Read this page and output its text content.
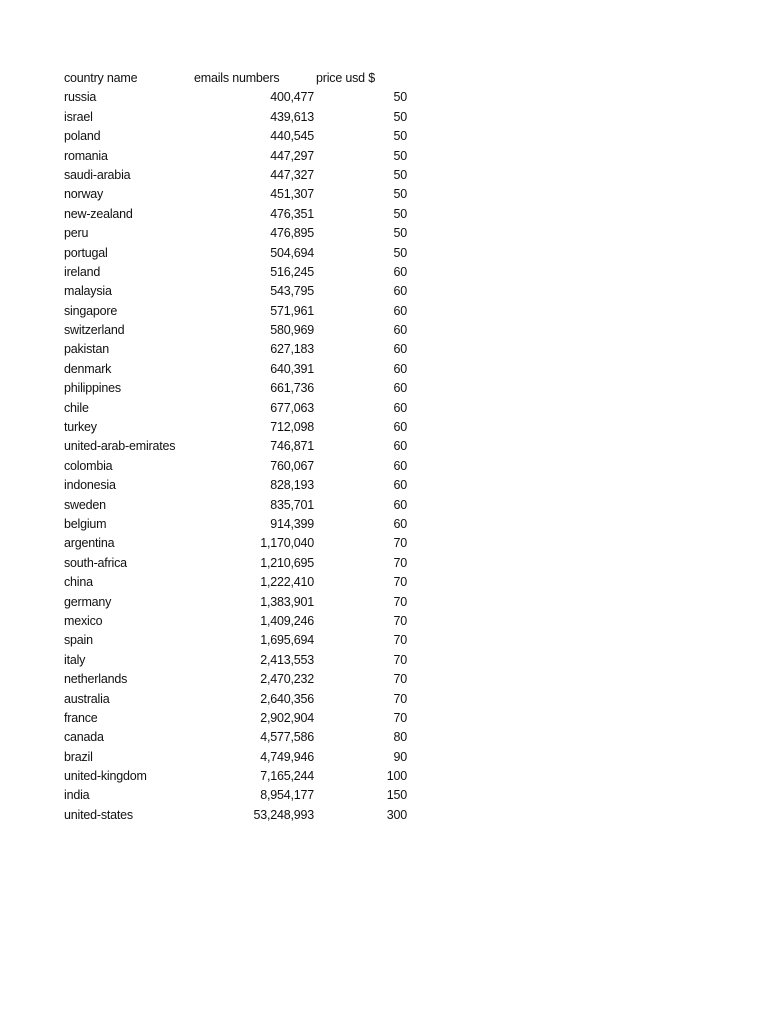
country name	emails numbers	price usd $
russia	400,477	50
israel	439,613	50
poland	440,545	50
romania	447,297	50
saudi-arabia	447,327	50
norway	451,307	50
new-zealand	476,351	50
peru	476,895	50
portugal	504,694	50
ireland	516,245	60
malaysia	543,795	60
singapore	571,961	60
switzerland	580,969	60
pakistan	627,183	60
denmark	640,391	60
philippines	661,736	60
chile	677,063	60
turkey	712,098	60
united-arab-emirates	746,871	60
colombia	760,067	60
indonesia	828,193	60
sweden	835,701	60
belgium	914,399	60
argentina	1,170,040	70
south-africa	1,210,695	70
china	1,222,410	70
germany	1,383,901	70
mexico	1,409,246	70
spain	1,695,694	70
italy	2,413,553	70
netherlands	2,470,232	70
australia	2,640,356	70
france	2,902,904	70
canada	4,577,586	80
brazil	4,749,946	90
united-kingdom	7,165,244	100
india	8,954,177	150
united-states	53,248,993	300
